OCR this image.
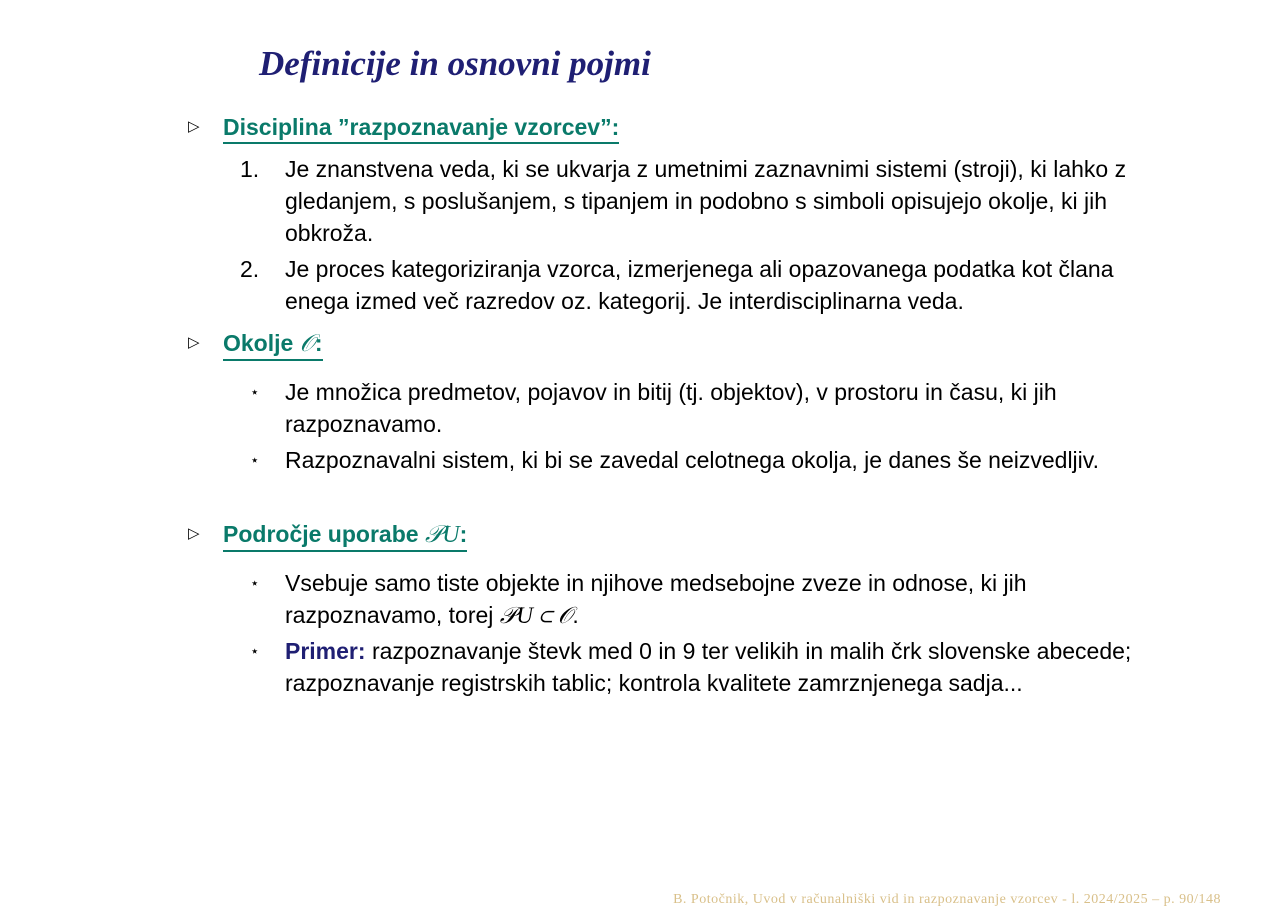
Definicije in osnovni pojmi
▷	Disciplina ”razpoznavanje vzorcev”:
1.	Je znanstvena veda, ki se ukvarja z umetnimi zaznavnimi sistemi (stroji), ki lahko z gledanjem, s poslušanjem, s tipanjem in podobno s simboli opisujejo okolje, ki jih obkroža.
2.	Je proces kategoriziranja vzorca, izmerjenega ali opazovanega podatka kot člana enega izmed več razredov oz. kategorij. Je interdisciplinarna veda.
▷	Okolje 𝒪:
⋆	Je množica predmetov, pojavov in bitij (tj. objektov), v prostoru in času, ki jih razpoznavamo.
⋆	Razpoznavalni sistem, ki bi se zavedal celotnega okolja, je danes še neizvedljiv.
▷	Področje uporabe 𝒫U:
⋆	Vsebuje samo tiste objekte in njihove medsebojne zveze in odnose, ki jih razpoznavamo, torej 𝒫U ⊂ 𝒪.
⋆	Primer: razpoznavanje števk med 0 in 9 ter velikih in malih črk slovenske abecede; razpoznavanje registrskih tablic; kontrola kvalitete zamrznjenega sadja...
B. Potočnik, Uvod v računalniški vid in razpoznavanje vzorcev - l. 2024/2025 – p. 90/148
